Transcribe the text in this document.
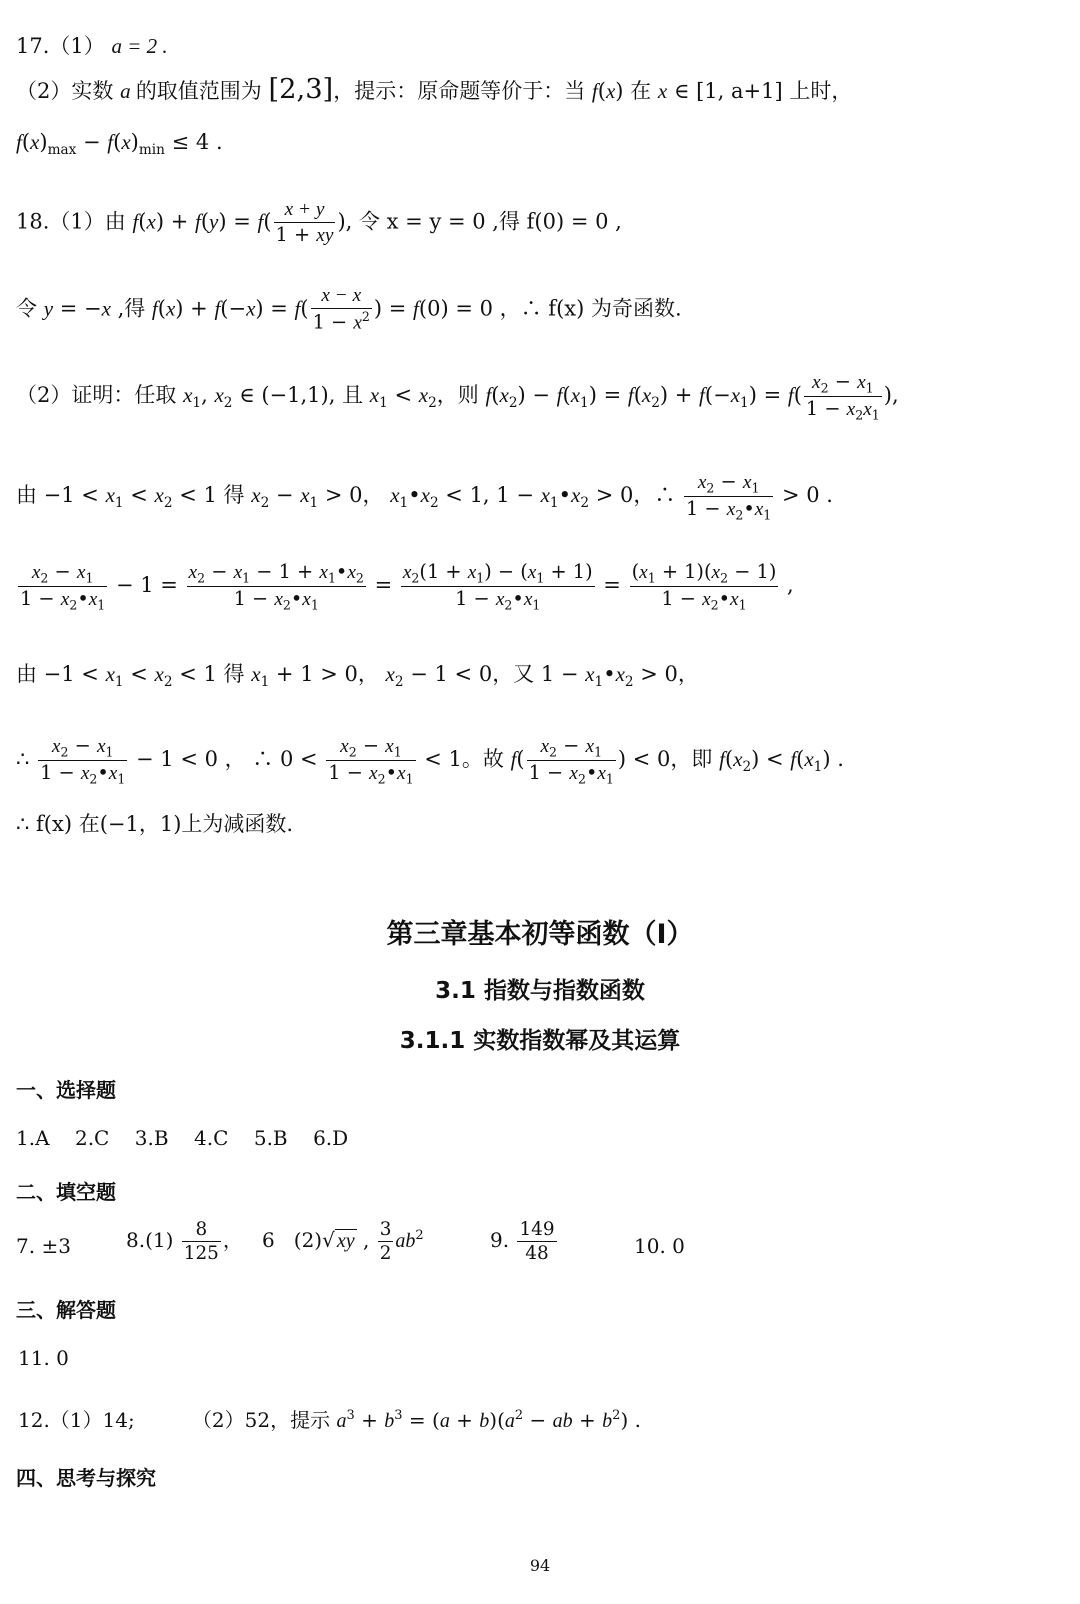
17.（1） a = 2 .
（2）实数 a 的取值范围为 [2,3]，提示：原命题等价于：当 f(x) 在 x ∈ [1, a+1] 上时，
$f(x)_{max} - f(x)_{min} \le 4$ .
18.（1）由 $f(x) + f(y) = f( \frac{x + y}{1 + xy}$ ), 令 x = y = 0 ,得 f(0) = 0 ,
令 y = −x ,得 $f(x) + f(-x) = f( \frac{x - x}{1 - x^2}$ ) = f(0) = 0 ，∴ f(x) 为奇函数.
（2）证明：任取 $x_1$, $x_2$ ∈ (−1,1), 且 $x_1 < x_2$，则 $f(x_2) - f(x_1) = f(x_2) + f(-x_1) = f( \frac{x_2 - x_1}{1 - x_2x_1}$ ),
由 $-1 < x_1 < x_2 < 1$ 得 $x_2 - x_1 > 0$， $x_1•x_2 < 1$, $1 - x_1•x_2 > 0$，∴ $\frac{x_2 - x_1}{1 - x_2•x_1} > 0$ .
$\frac{x_2 - x_1}{1 - x_2•x_1} - 1 = \frac{x_2 - x_1 - 1 + x_1•x_2}{1 - x_2•x_1} = \frac{x_2(1 + x_1) - (x_1 + 1)}{1 - x_2•x_1} = \frac{(x_1 + 1)(x_2 - 1)}{1 - x_2•x_1}$ ,
由 $-1 < x_1 < x_2 < 1$ 得 $x_1 + 1 > 0$， $x_2 - 1 < 0$，又 $1 - x_1•x_2 > 0$，
∴ $\frac{x_2 - x_1}{1 - x_2•x_1} - 1 < 0$ ， ∴ $0 < \frac{x_2 - x_1}{1 - x_2•x_1} < 1$。故 $f( \frac{x_2 - x_1}{1 - x_2•x_1}$ ) < 0，即 $f(x_2) < f(x_1)$ .
∴ f(x) 在(−1，1)上为减函数.
第三章基本初等函数（Ⅰ）
3.1 指数与指数函数
3.1.1 实数指数幂及其运算
一、选择题
1.A 2.C 3.B 4.C 5.B 6.D
二、填空题
7. ±3	$8.(1) \frac{8}{125}$ ，   6 (2)√ xy , $\frac{3}{2} ab^2$	9. $\frac{149}{48}$	10. 0
三、解答题
11. 0
12.（1）14;	（2）52，提示 $a^3 + b^3 = (a + b)(a^2$ − ab + $b^2$) .
四、思考与探究
94
